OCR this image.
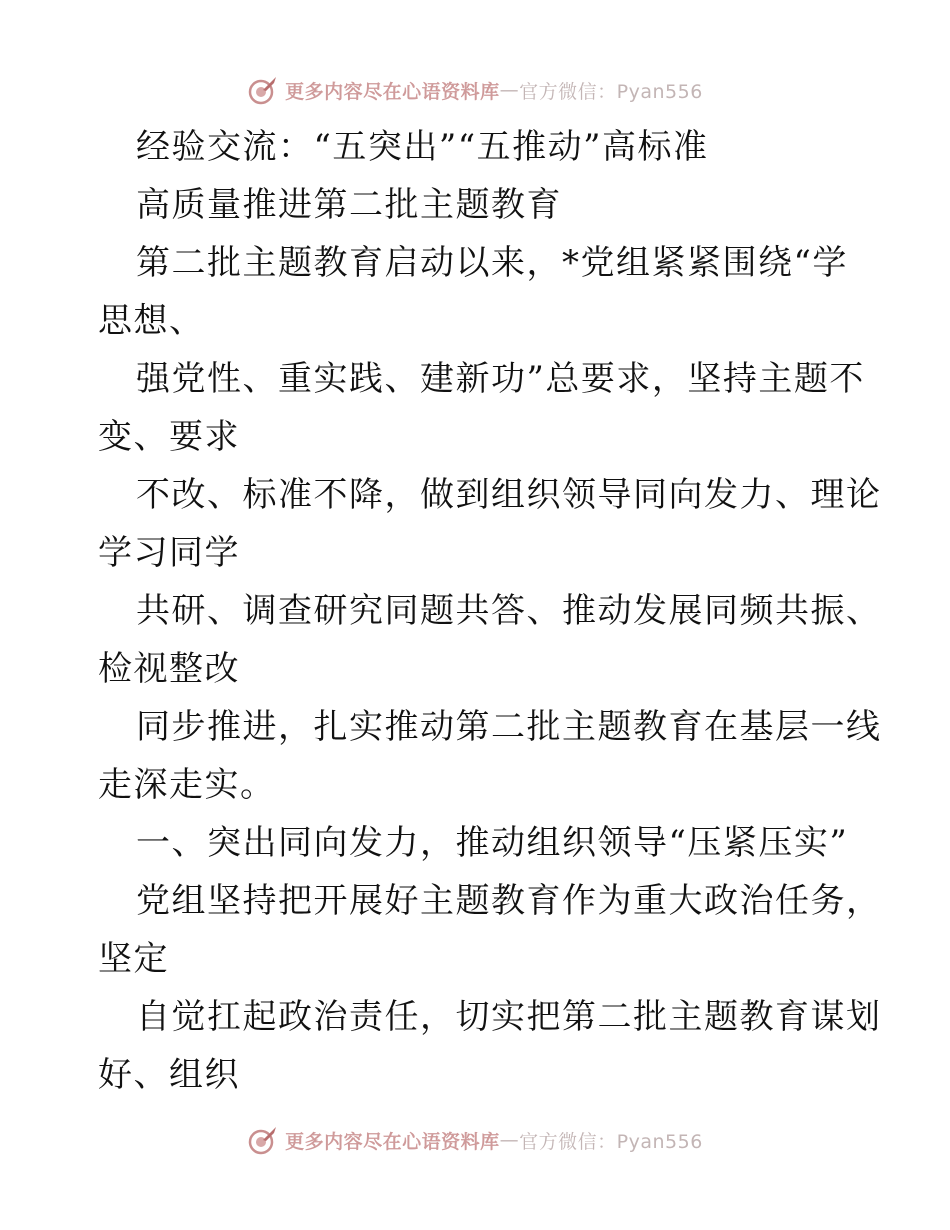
更多内容尽在心语资料库 — 官方微信：Pyan556
经验交流：“五突出”“五推动”高标准
高质量推进第二批主题教育
第二批主题教育启动以来，*党组紧紧围绕“学
思想、
强党性、重实践、建新功”总要求，坚持主题不
变、要求
不改、标准不降，做到组织领导同向发力、理论
学习同学
共研、调查研究同题共答、推动发展同频共振、
检视整改
同步推进，扎实推动第二批主题教育在基层一线
走深走实。
一、突出同向发力，推动组织领导“压紧压实”
党组坚持把开展好主题教育作为重大政治任务，
坚定
自觉扛起政治责任，切实把第二批主题教育谋划
好、组织
更多内容尽在心语资料库 — 官方微信：Pyan556
